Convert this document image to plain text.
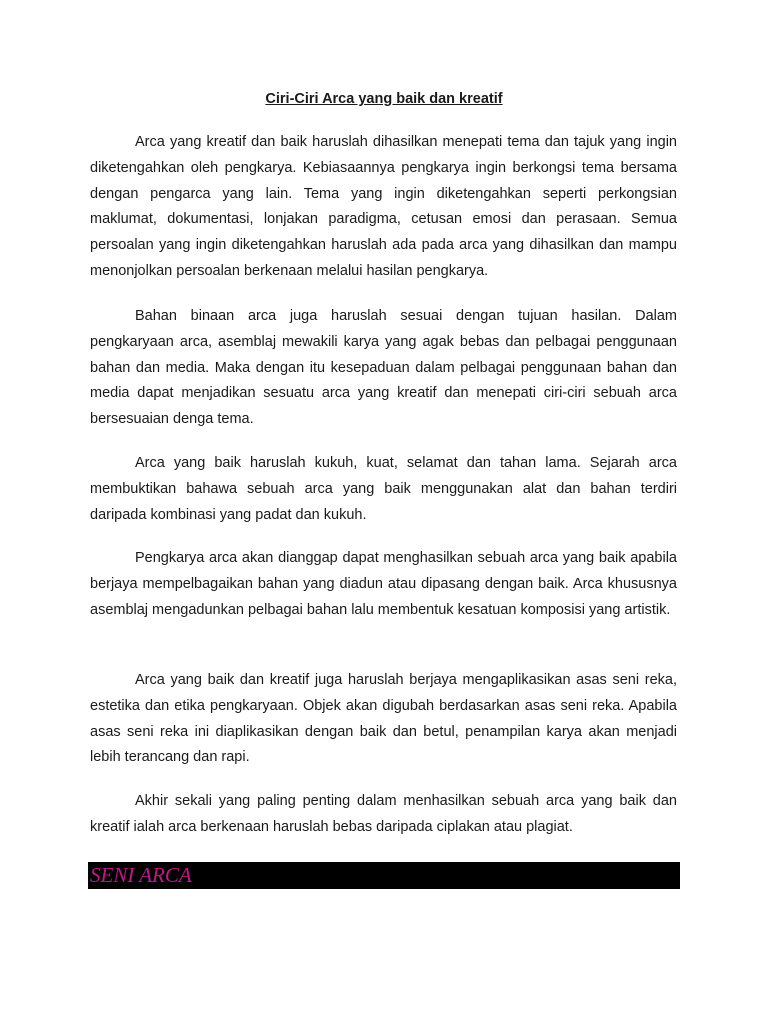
Ciri-Ciri Arca yang baik dan kreatif

Arca yang kreatif dan baik haruslah dihasilkan menepati tema dan tajuk yang ingin diketengahkan oleh pengkarya. Kebiasaannya pengkarya ingin berkongsi tema bersama dengan pengarca yang lain. Tema yang ingin diketengahkan seperti perkongsian maklumat, dokumentasi, lonjakan paradigma, cetusan emosi dan perasaan. Semua persoalan yang ingin diketengahkan haruslah ada pada arca yang dihasilkan dan mampu menonjolkan persoalan berkenaan melalui hasilan pengkarya.

Bahan binaan arca juga haruslah sesuai dengan tujuan hasilan. Dalam pengkaryaan arca, asemblaj mewakili karya yang agak bebas dan pelbagai penggunaan bahan dan media. Maka dengan itu kesepaduan dalam pelbagai penggunaan bahan dan media dapat menjadikan sesuatu arca yang kreatif dan menepati ciri-ciri sebuah arca bersesuaian denga tema.

Arca yang baik haruslah kukuh, kuat, selamat dan tahan lama. Sejarah arca membuktikan bahawa sebuah arca yang baik menggunakan alat dan bahan terdiri daripada kombinasi yang padat dan kukuh.

Pengkarya arca akan dianggap dapat menghasilkan sebuah arca yang baik apabila berjaya mempelbagaikan bahan yang diadun atau dipasang dengan baik. Arca khususnya asemblaj mengadunkan pelbagai bahan lalu membentuk kesatuan komposisi yang artistik.

Arca yang baik dan kreatif juga haruslah berjaya mengaplikasikan asas seni reka, estetika dan etika pengkaryaan. Objek akan digubah berdasarkan asas seni reka. Apabila asas seni reka ini diaplikasikan dengan baik dan betul, penampilan karya akan menjadi lebih terancang dan rapi.

Akhir sekali yang paling penting dalam menhasilkan sebuah arca yang baik dan kreatif ialah arca berkenaan haruslah bebas daripada ciplakan atau plagiat.

SENI ARCA
